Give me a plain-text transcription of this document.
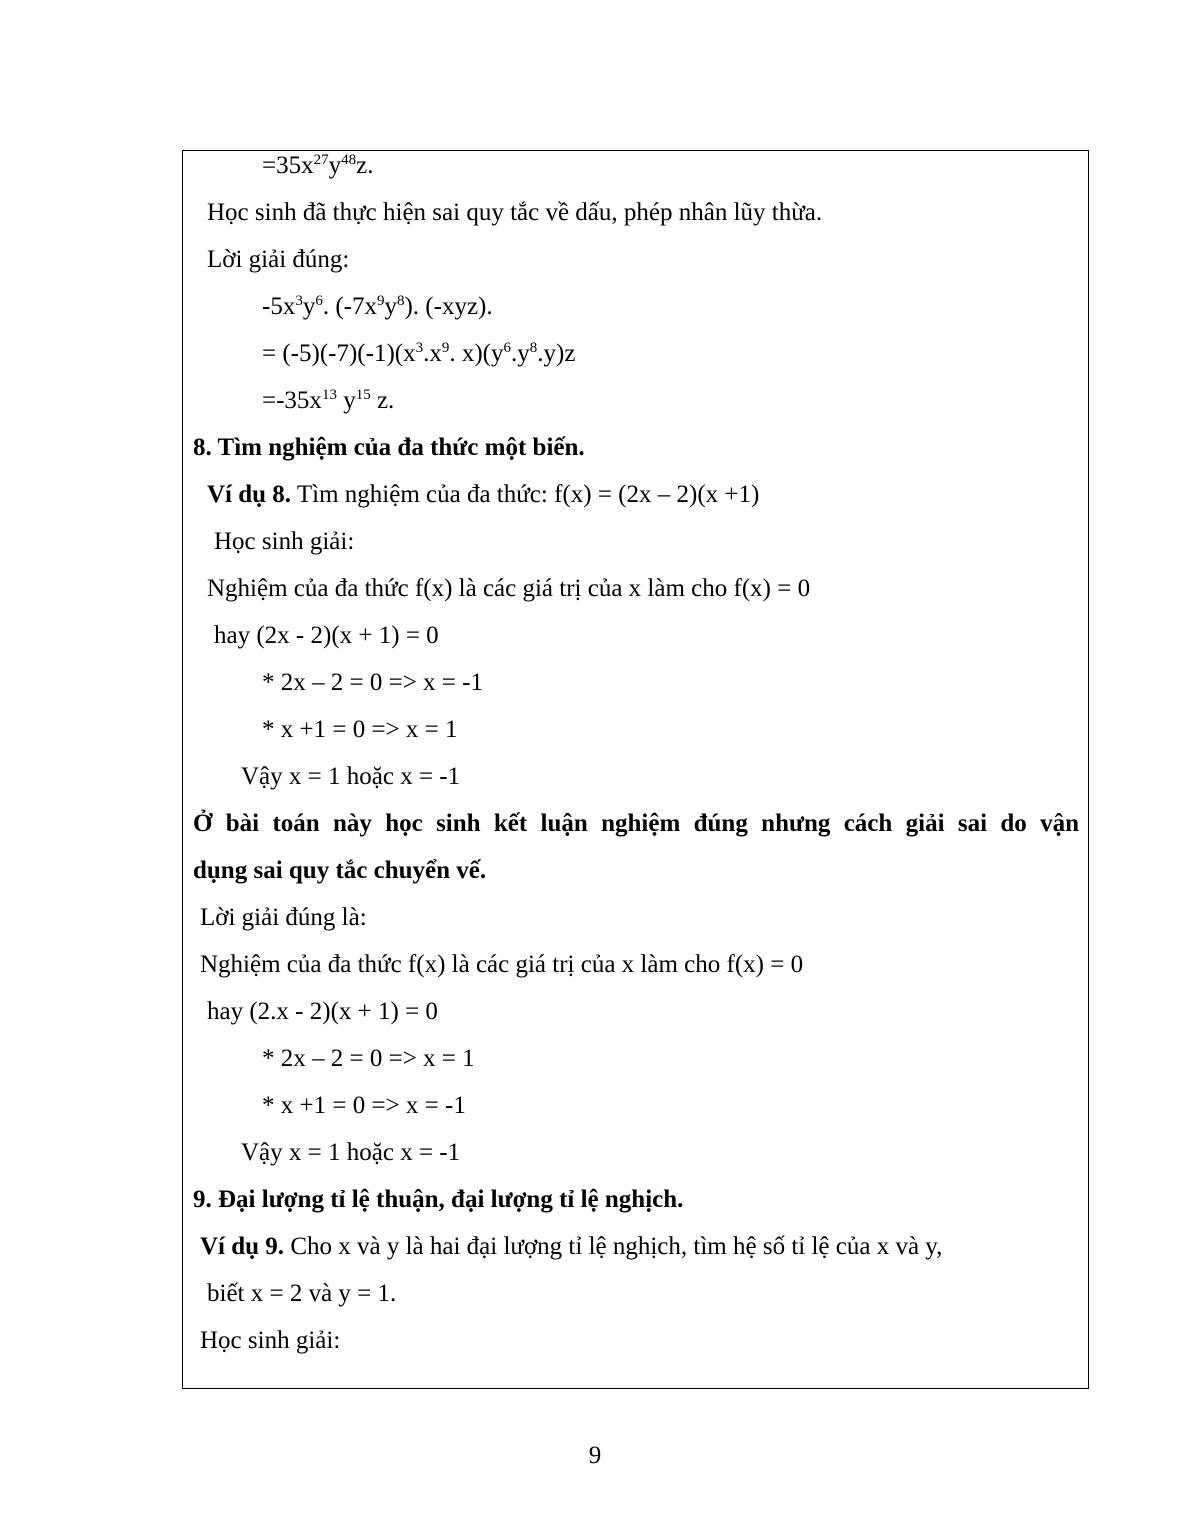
$=35x^{27}y^{48}z$.
Học sinh đã thực hiện sai quy tắc về dấu, phép nhân lũy thừa.
Lời giải đúng:
$-5x^3y^6$. $(-7x^9y^8)$. (-xyz).
= $(-5)(-7)(-1)(x^3.x^9$. $x)(y^6.y^8.y)z$
$=-35x^{13}$ $y^{15}$ z.
8. Tìm nghiệm của đa thức một biến.
Ví dụ 8. Tìm nghiệm của đa thức: f(x) = (2x – 2)(x +1)
Học sinh giải:
Nghiệm của đa thức f(x) là các giá trị của x làm cho f(x) = 0
hay (2x - 2)(x + 1) = 0
* 2x – 2 = 0 => x = -1
* x +1 = 0 => x = 1
Vậy x = 1 hoặc x = -1
Ở bài toán này học sinh kết luận nghiệm đúng nhưng cách giải sai do vận
dụng sai quy tắc chuyển vế.
Lời giải đúng là:
Nghiệm của đa thức f(x) là các giá trị của x làm cho f(x) = 0
hay (2.x - 2)(x + 1) = 0
* 2x – 2 = 0 => x = 1
* x +1 = 0 => x = -1
Vậy x = 1 hoặc x = -1
9. Đại lượng tỉ lệ thuận, đại lượng tỉ lệ nghịch.
Ví dụ 9. Cho x và y là hai đại lượng tỉ lệ nghịch, tìm hệ số tỉ lệ của x và y,
biết x = 2 và y = 1.
Học sinh giải:
9
